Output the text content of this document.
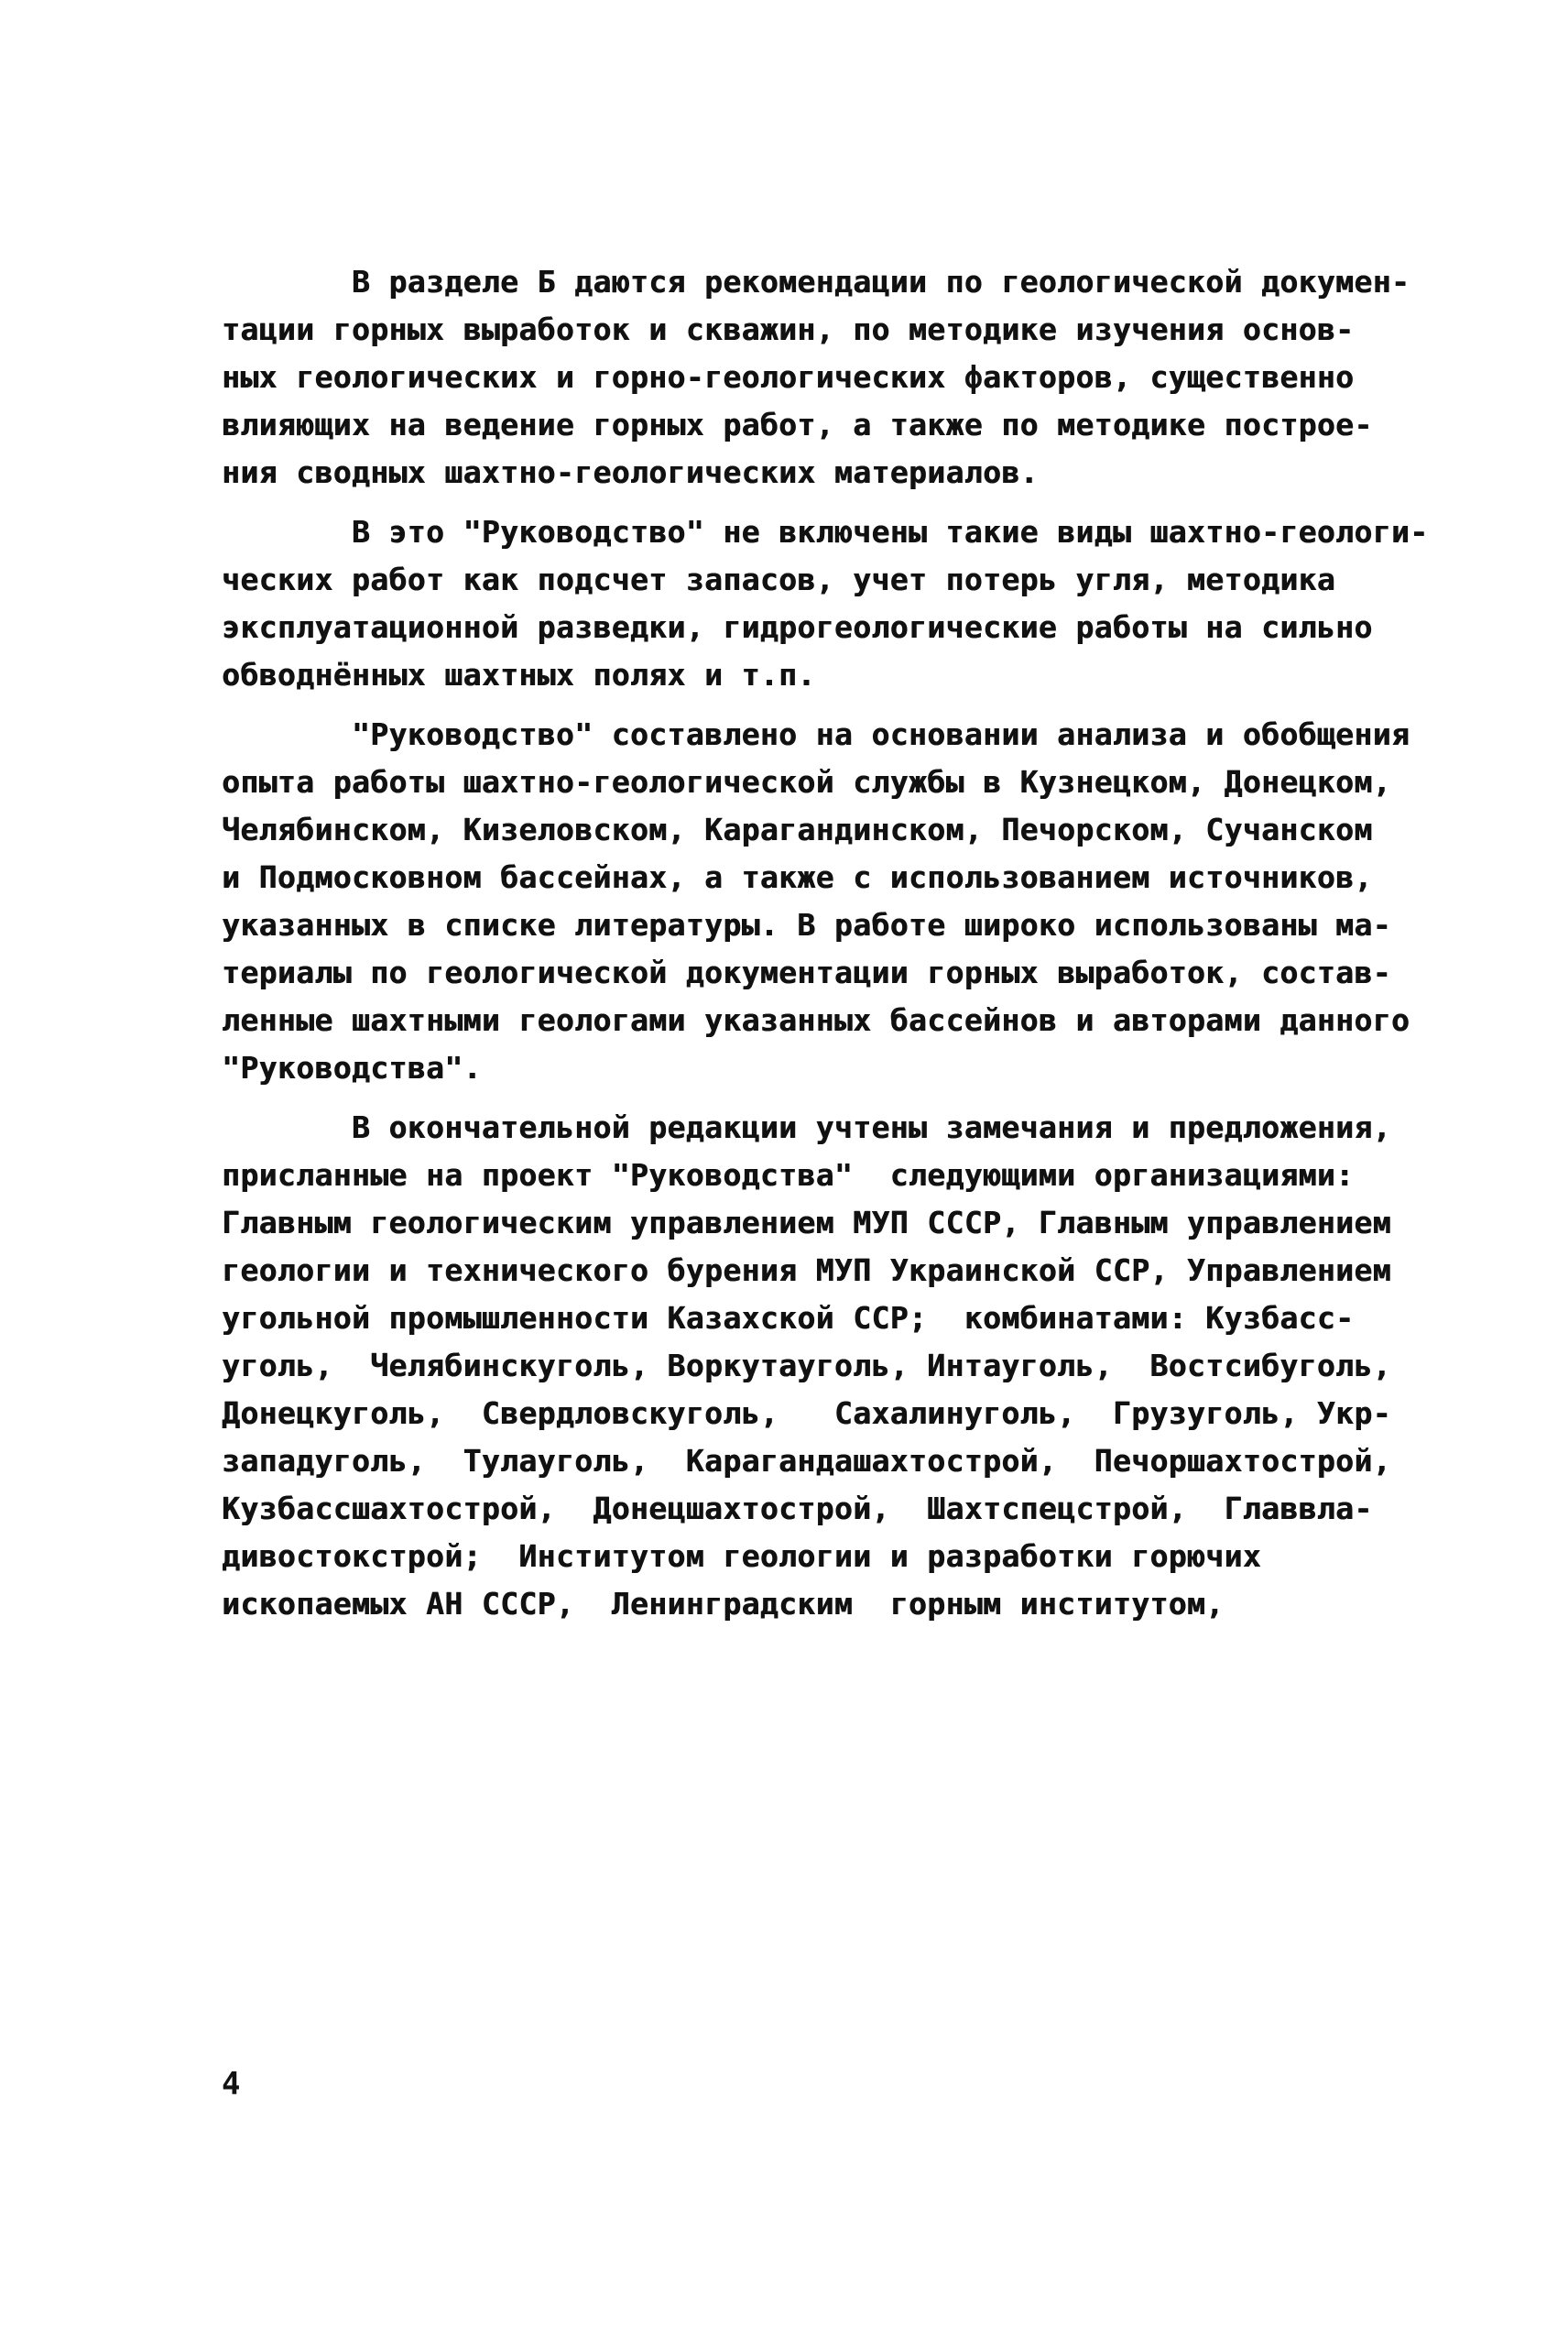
В разделе Б даются рекомендации по геологической докумен-
тации горных выработок и скважин, по методике изучения основ-
ных геологических и горно-геологических факторов, существенно
влияющих на ведение горных работ, а также по методике построе-
ния сводных шахтно-геологических материалов.
В это "Руководство" не включены такие виды шахтно-геологи-
ческих работ как подсчет запасов, учет потерь угля, методика
эксплуатационной разведки, гидрогеологические работы на сильно
обводнённых шахтных полях и т.п.
"Руководство" составлено на основании анализа и обобщения
опыта работы шахтно-геологической службы в Кузнецком, Донецком,
Челябинском, Кизеловском, Карагандинском, Печорском, Сучанском
и Подмосковном бассейнах, а также с использованием источников,
указанных в списке литературы. В работе широко использованы ма-
териалы по геологической документации горных выработок, состав-
ленные шахтными геологами указанных бассейнов и авторами данного
"Руководства".
В окончательной редакции учтены замечания и предложения,
присланные на проект "Руководства"  следующими организациями:
Главным геологическим управлением МУП СССР, Главным управлением
геологии и технического бурения МУП Украинской ССР, Управлением
угольной промышленности Казахской ССР;  комбинатами: Кузбасс-
уголь,  Челябинскуголь, Воркутауголь, Интауголь,  Востсибуголь,
Донецкуголь,  Свердловскуголь,   Сахалинуголь,  Грузуголь, Укр-
западуголь,  Тулауголь,  Карагандашахтострой,  Печоршахтострой,
Кузбассшахтострой,  Донецшахтострой,  Шахтспецстрой,  Главвла-
дивостокстрой;  Институтом геологии и разработки горючих
ископаемых АН СССР,  Ленинградским  горным институтом,
4
